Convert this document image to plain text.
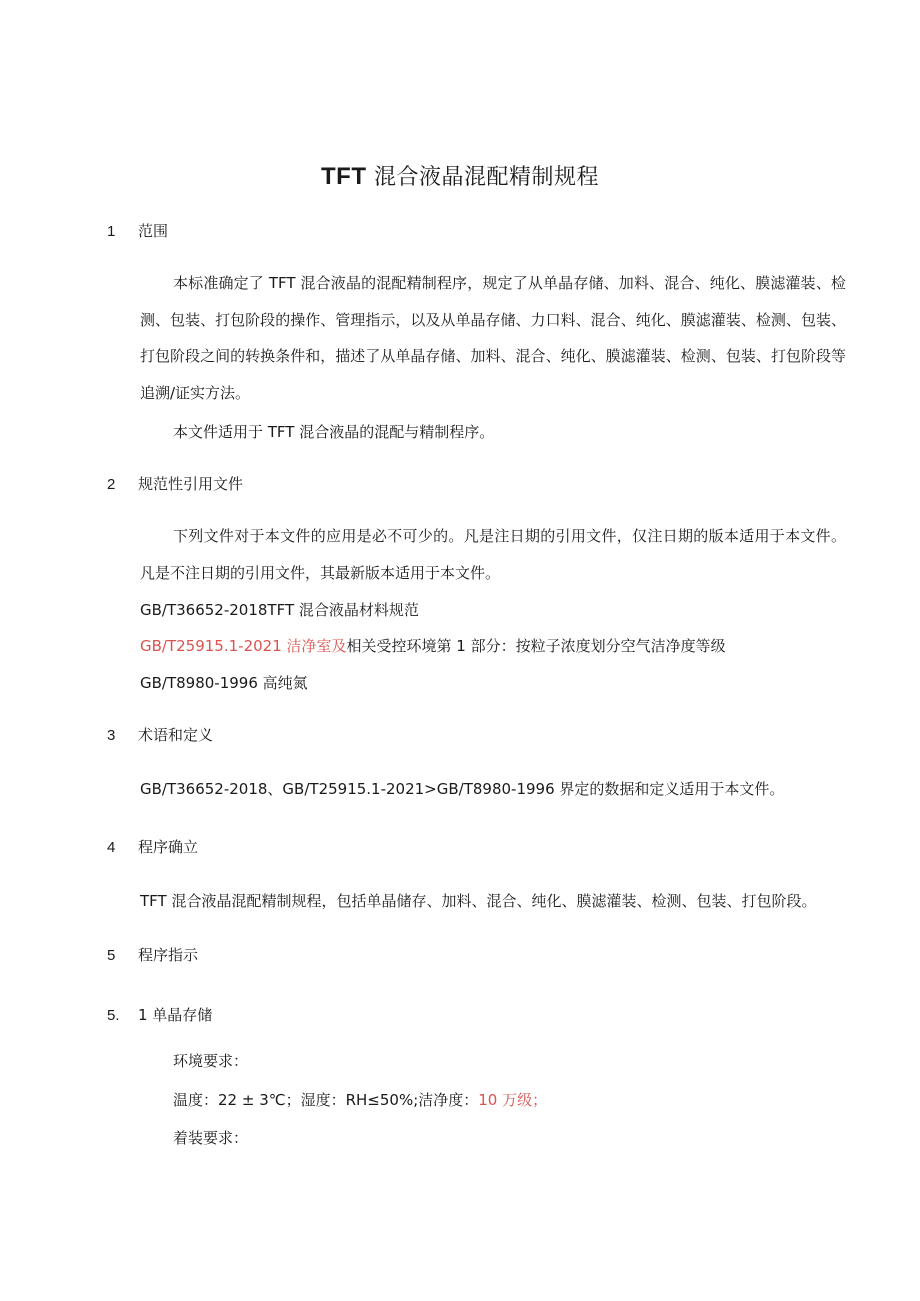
TFT 混合液晶混配精制规程
1 范围
本标准确定了 TFT 混合液晶的混配精制程序，规定了从单晶存储、加料、混合、纯化、膜滤灌装、检测、包装、打包阶段的操作、管理指示，以及从单晶存储、力口料、混合、纯化、膜滤灌装、检测、包装、打包阶段之间的转换条件和，描述了从单晶存储、加料、混合、纯化、膜滤灌装、检测、包装、打包阶段等追溯/证实方法。
本文件适用于 TFT 混合液晶的混配与精制程序。
2 规范性引用文件
下列文件对于本文件的应用是必不可少的。凡是注日期的引用文件，仅注日期的版本适用于本文件。凡是不注日期的引用文件，其最新版本适用于本文件。
GB/T36652-2018TFT 混合液晶材料规范
GB/T25915.1-2021 洁净室及相关受控环境第 1 部分：按粒子浓度划分空气洁净度等级
GB/T8980-1996 高纯氮
3 术语和定义
GB/T36652-2018、GB/T25915.1-2021>GB/T8980-1996 界定的数据和定义适用于本文件。
4 程序确立
TFT 混合液晶混配精制规程，包括单晶储存、加料、混合、纯化、膜滤灌装、检测、包装、打包阶段。
5 程序指示
5. 1 单晶存储
环境要求：
温度：22 ± 3℃；湿度：RH≤50%;洁净度：10 万级；
着装要求：
